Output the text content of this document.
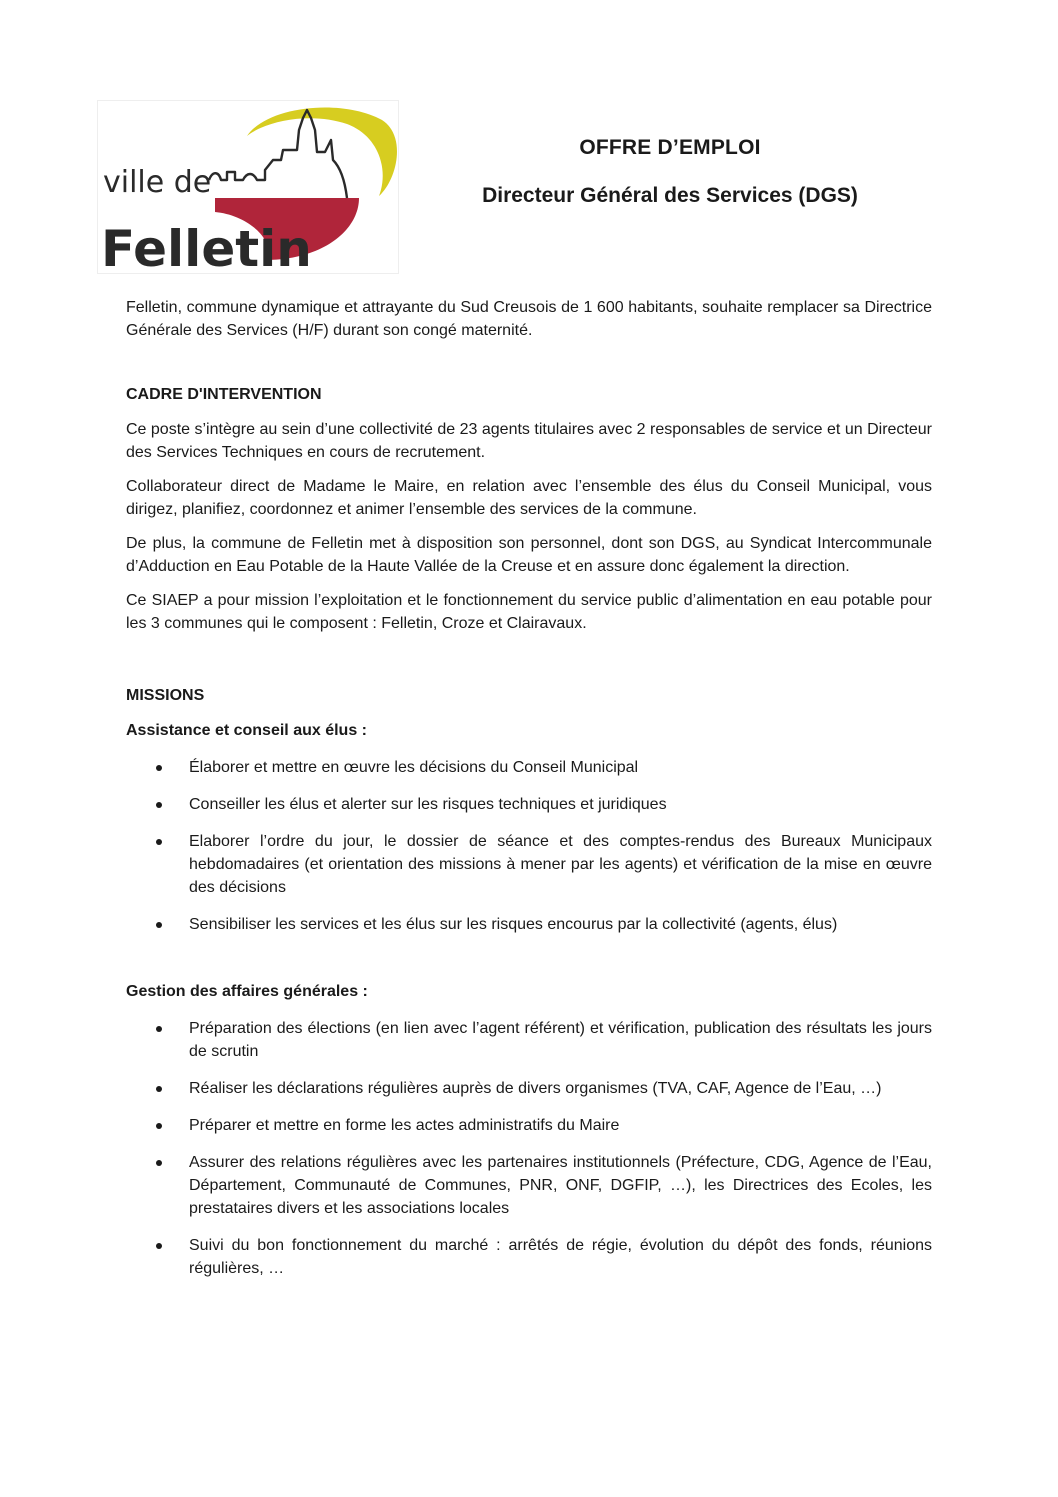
ville de
Felletin

OFFRE D’EMPLOI

Directeur Général des Services (DGS)

Felletin, commune dynamique et attrayante du Sud Creusois de 1 600 habitants, souhaite remplacer sa Directrice Générale des Services (H/F) durant son congé maternité.

CADRE D'INTERVENTION

Ce poste s’intègre au sein d’une collectivité de 23 agents titulaires avec 2 responsables de service et un Directeur des Services Techniques en cours de recrutement.

Collaborateur direct de Madame le Maire, en relation avec l’ensemble des élus du Conseil Municipal, vous dirigez, planifiez, coordonnez et animer l’ensemble des services de la commune.

De plus, la commune de Felletin met à disposition son personnel, dont son DGS, au Syndicat Intercommunale d’Adduction en Eau Potable de la Haute Vallée de la Creuse et en assure donc également la direction.

Ce SIAEP a pour mission l’exploitation et le fonctionnement du service public d’alimentation en eau potable pour les 3 communes qui le composent : Felletin, Croze et Clairavaux.

MISSIONS

Assistance et conseil aux élus :

Élaborer et mettre en œuvre les décisions du Conseil Municipal
Conseiller les élus et alerter sur les risques techniques et juridiques
Elaborer l’ordre du jour, le dossier de séance et des comptes-rendus des Bureaux Municipaux hebdomadaires (et orientation des missions à mener par les agents) et vérification de la mise en œuvre des décisions
Sensibiliser les services et les élus sur les risques encourus par la collectivité (agents, élus)

Gestion des affaires générales :

Préparation des élections (en lien avec l’agent référent) et vérification, publication des résultats les jours de scrutin
Réaliser les déclarations régulières auprès de divers organismes (TVA, CAF, Agence de l’Eau, …)
Préparer et mettre en forme les actes administratifs du Maire
Assurer des relations régulières avec les partenaires institutionnels (Préfecture, CDG, Agence de l’Eau, Département, Communauté de Communes, PNR, ONF, DGFIP, …), les Directrices des Ecoles, les prestataires divers et les associations locales
Suivi du bon fonctionnement du marché : arrêtés de régie, évolution du dépôt des fonds, réunions régulières, …
